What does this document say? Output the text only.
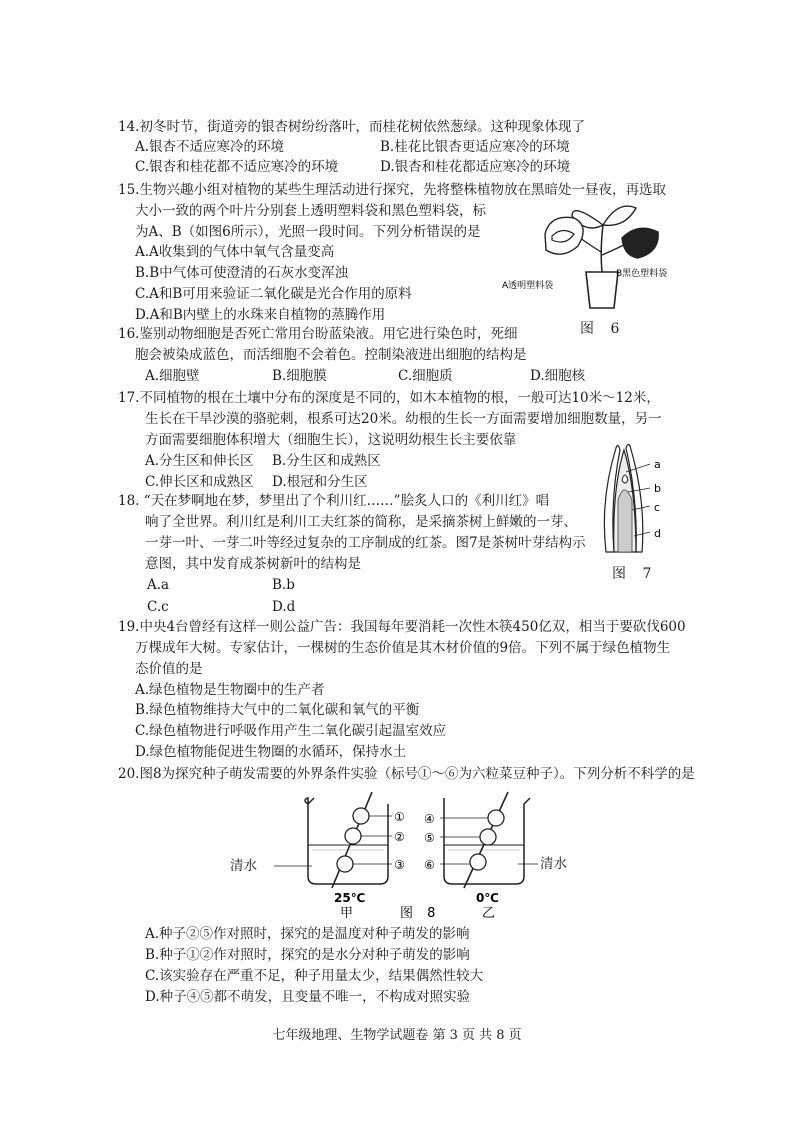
14.初冬时节，街道旁的银杏树纷纷落叶，而桂花树依然葱绿。这种现象体现了
A.银杏不适应寒冷的环境	B.桂花比银杏更适应寒冷的环境
C.银杏和桂花都不适应寒冷的环境	D.银杏和桂花都适应寒冷的环境
15.生物兴趣小组对植物的某些生理活动进行探究，先将整株植物放在黑暗处一昼夜，再选取
大小一致的两个叶片分别套上透明塑料袋和黑色塑料袋，标
为A、B（如图6所示），光照一段时间。下列分析错误的是
A.A收集到的气体中氧气含量变高
B.B中气体可使澄清的石灰水变浑浊
C.A和B可用来验证二氧化碳是光合作用的原料
D.A和B内壁上的水珠来自植物的蒸腾作用
A透明塑料袋
B黑色塑料袋
图 6
16.鉴别动物细胞是否死亡常用台盼蓝染液。用它进行染色时，死细
胞会被染成蓝色，而活细胞不会着色。控制染液进出细胞的结构是
A.细胞壁	B.细胞膜	C.细胞质	D.细胞核
17.不同植物的根在土壤中分布的深度是不同的，如木本植物的根，一般可达10米～12米，
生长在干旱沙漠的骆驼刺，根系可达20米。幼根的生长一方面需要增加细胞数量，另一
方面需要细胞体积增大（细胞生长），这说明幼根生长主要依靠
A.分生区和伸长区 B.分生区和成熟区
C.伸长区和成熟区 D.根冠和分生区
a
b
c
d
图 7
18. “天在梦啊地在梦，梦里出了个利川红……”脍炙人口的《利川红》唱
响了全世界。利川红是利川工夫红茶的简称，是采摘茶树上鲜嫩的一芽、
一芽一叶、一芽二叶等经过复杂的工序制成的红茶。图7是茶树叶芽结构示
意图，其中发育成茶树新叶的结构是
A.a	B.b
C.c	D.d
19.中央4台曾经有这样一则公益广告：我国每年要消耗一次性木筷450亿双，相当于要砍伐600
万棵成年大树。专家估计，一棵树的生态价值是其木材价值的9倍。下列不属于绿色植物生
态价值的是
A.绿色植物是生物圈中的生产者
B.绿色植物维持大气中的二氧化碳和氧气的平衡
C.绿色植物进行呼吸作用产生二氧化碳引起温室效应
D.绿色植物能促进生物圈的水循环，保持水土
20.图8为探究种子萌发需要的外界条件实验（标号①～⑥为六粒菜豆种子）。下列分析不科学的是
①
②
③
④
⑤
⑥
25℃	0℃
甲	乙
图 8
清水	清水
A.种子②⑤作对照时，探究的是温度对种子萌发的影响
B.种子①②作对照时，探究的是水分对种子萌发的影响
C.该实验存在严重不足，种子用量太少，结果偶然性较大
D.种子④⑤都不萌发，且变量不唯一，不构成对照实验
七年级地理、生物学试题卷 第 3 页 共 8 页
